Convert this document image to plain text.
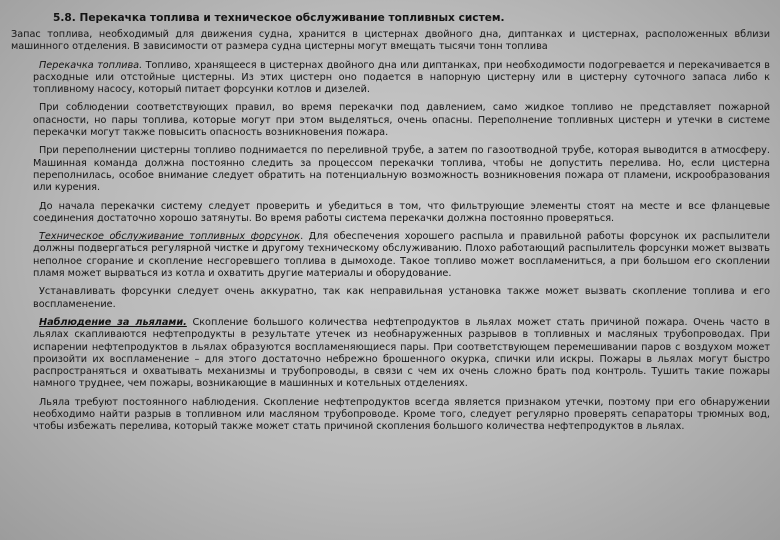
5.8. Перекачка топлива и техническое обслуживание топливных систем.

Запас топлива, необходимый для движения судна, хранится в цистернах двойного дна, диптанках и цистернах, расположенных вблизи машинного отделения. В зависимости от размера судна цистерны могут вмещать тысячи тонн топлива

Перекачка топлива. Топливо, хранящееся в цистернах двойного дна или диптанках, при необходимости подогревается и перекачивается в расходные или отстойные цистерны. Из этих цистерн оно подается в напорную цистерну или в цистерну суточного запаса либо к топливному насосу, который питает форсунки котлов и дизелей.

При соблюдении соответствующих правил, во время перекачки под давлением, само жидкое топливо не представляет пожарной опасности, но пары топлива, которые могут при этом выделяться, очень опасны. Переполнение топливных цистерн и утечки в системе перекачки могут также повысить опасность возникновения пожара.

При переполнении цистерны топливо поднимается по переливной трубе, а затем по газоотводной трубе, которая выводится в атмосферу. Машинная команда должна постоянно следить за процессом перекачки топлива, чтобы не допустить перелива. Но, если цистерна переполнилась, особое внимание следует обратить на потенциальную возможность возникновения пожара от пламени, искрообразования или курения.

До начала перекачки систему следует проверить и убедиться в том, что фильтрующие элементы стоят на месте и все фланцевые соединения достаточно хорошо затянуты. Во время работы система перекачки должна постоянно проверяться.

Техническое обслуживание топливных форсунок. Для обеспечения хорошего распыла и правильной работы форсунок их распылители должны подвергаться регулярной чистке и другому техническому обслуживанию. Плохо работающий распылитель форсунки может вызвать неполное сгорание и скопление несгоревшего топлива в дымоходе. Такое топливо может воспламениться, а при большом его скоплении пламя может вырваться из котла и охватить другие материалы и оборудование.

Устанавливать форсунки следует очень аккуратно, так как неправильная установка также может вызвать скопление топлива и его воспламенение.

Наблюдение за льялами. Скопление большого количества нефтепродуктов в льялах может стать причиной пожара. Очень часто в льялах скапливаются нефтепродукты в результате утечек из необнаруженных разрывов в топливных и масляных трубопроводах. При испарении нефтепродуктов в льялах образуются воспламеняющиеся пары. При соответствующем перемешивании паров с воздухом может произойти их воспламенение – для этого достаточно небрежно брошенного окурка, спички или искры. Пожары в льялах могут быстро распространяться и охватывать механизмы и трубопроводы, в связи с чем их очень сложно брать под контроль. Тушить такие пожары намного труднее, чем пожары, возникающие в машинных и котельных отделениях.

Льяла требуют постоянного наблюдения. Скопление нефтепродуктов всегда является признаком утечки, поэтому при его обнаружении необходимо найти разрыв в топливном или масляном трубопроводе. Кроме того, следует регулярно проверять сепараторы трюмных вод, чтобы избежать перелива, который также может стать причиной скопления большого количества нефтепродуктов в льялах.
